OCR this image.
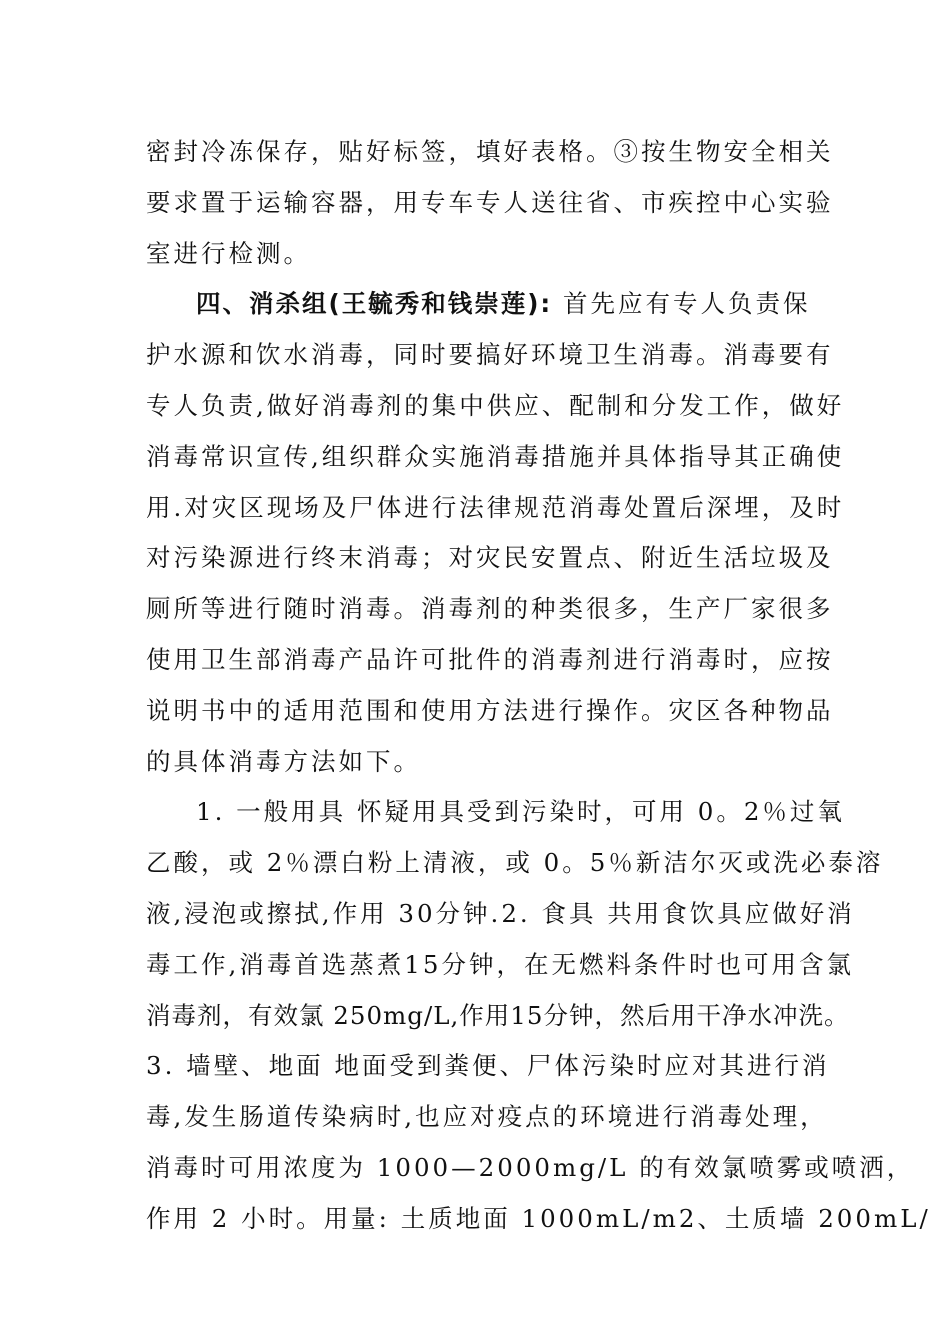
密封冷冻保存，贴好标签，填好表格。③按生物安全相关
要求置于运输容器，用专车专人送往省、市疾控中心实验
室进行检测。
四、消杀组(王毓秀和钱崇莲): 首先应有专人负责保
护水源和饮水消毒，同时要搞好环境卫生消毒。消毒要有
专人负责,做好消毒剂的集中供应、配制和分发工作，做好
消毒常识宣传,组织群众实施消毒措施并具体指导其正确使
用.对灾区现场及尸体进行法律规范消毒处置后深埋，及时
对污染源进行终末消毒；对灾民安置点、附近生活垃圾及
厕所等进行随时消毒。消毒剂的种类很多，生产厂家很多
使用卫生部消毒产品许可批件的消毒剂进行消毒时，应按
说明书中的适用范围和使用方法进行操作。灾区各种物品
的具体消毒方法如下。
1. 一般用具 怀疑用具受到污染时，可用 0。2％过氧
乙酸，或 2％漂白粉上清液，或 0。5％新洁尔灭或洗必泰溶
液,浸泡或擦拭,作用 30分钟.2. 食具 共用食饮具应做好消
毒工作,消毒首选蒸煮15分钟，在无燃料条件时也可用含氯
消毒剂，有效氯 250mg/L,作用15分钟，然后用干净水冲洗。
3. 墙壁、地面 地面受到粪便、尸体污染时应对其进行消
毒,发生肠道传染病时,也应对疫点的环境进行消毒处理，
消毒时可用浓度为 1000—2000mg/L 的有效氯喷雾或喷洒，
作用 2 小时。用量: 土质地面 1000mL/m2、土质墙 200mL/
